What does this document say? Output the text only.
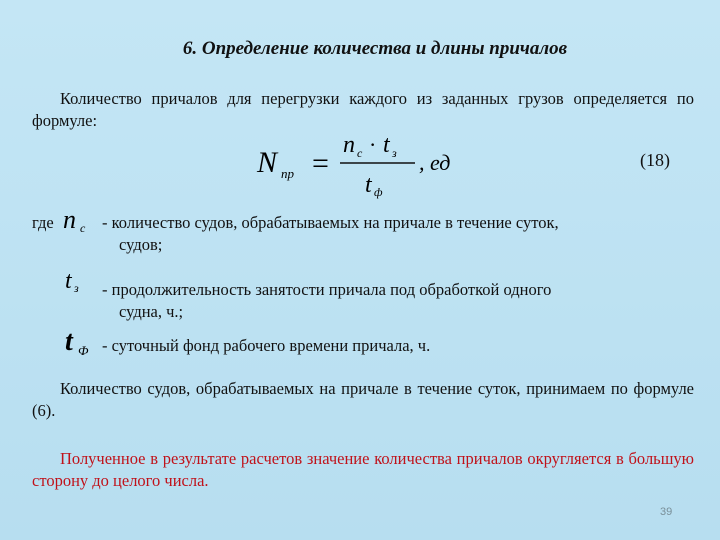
6. Определение количества и длины причалов
Количество причалов для перегрузки каждого из заданных грузов определяется по формуле:
N пр =
n с · t з
t ф
, ед	(18)
где n с - количество судов, обрабатываемых на причале в течение суток,
судов;
t з - продолжительность занятости причала под обработкой одного
судна, ч.;
t Ф - суточный фонд рабочего времени причала, ч.
Количество судов, обрабатываемых на причале в течение суток, принимаем по формуле (6).
Полученное в результате расчетов значение количества причалов округляется в большую сторону до целого числа.
39
